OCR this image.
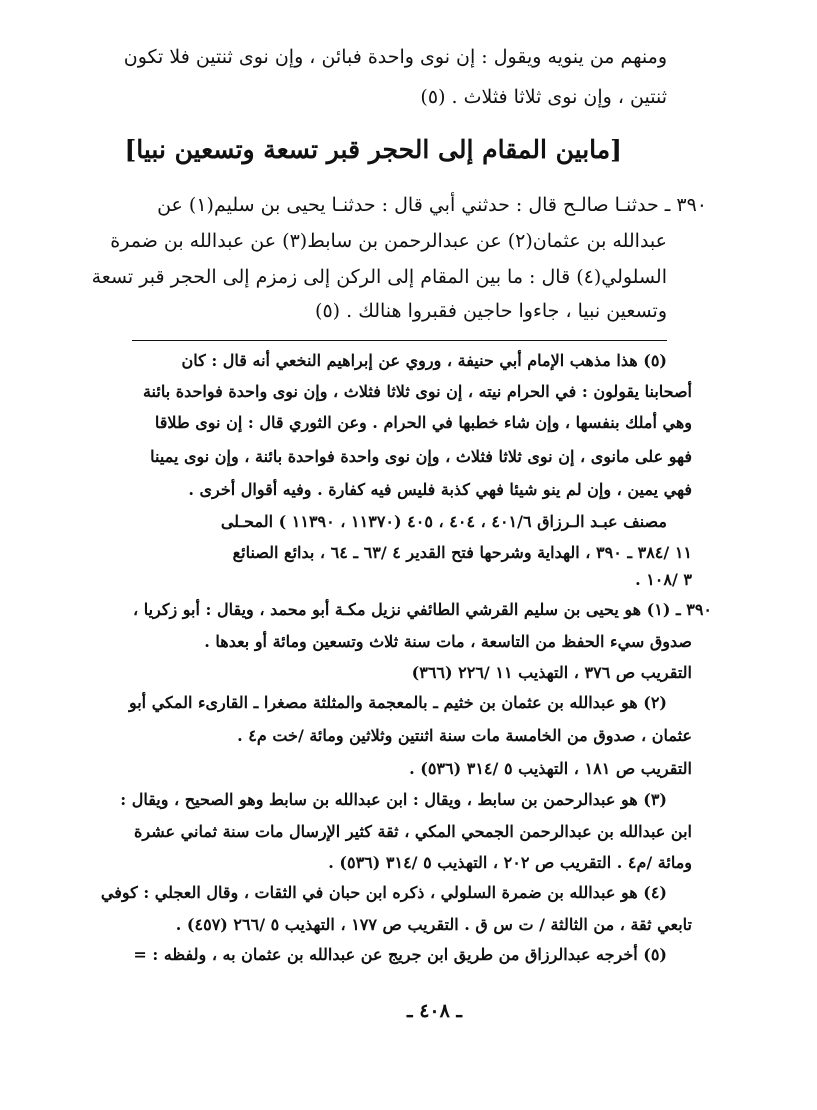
ومنهم من ينويه ويقول : إن نوى واحدة فبائن ، وإن نوى ثنتين فلا تكون
ثنتين ، وإن نوى ثلاثا فثلاث . (٥)
[مابين المقام إلى الحجر قبر تسعة وتسعين نبيا]
٣٩٠ ـ حدثنـا صالـح قال : حدثني أبي قال : حدثنـا يحيى بن سليم(١) عن
عبدالله بن عثمان(٢) عن عبدالرحمن بن سابط(٣) عن عبدالله بن ضمرة
السلولي(٤) قال : ما بين المقام إلى الركن إلى زمزم إلى الحجر قبر تسعة
وتسعين نبيا ، جاءوا حاجين فقبروا هنالك . (٥)
(٥) هذا مذهب الإمام أبي حنيفة ، وروي عن إبراهيم النخعي أنه قال : كان
أصحابنا يقولون : في الحرام نيته ، إن نوى ثلاثا فثلاث ، وإن نوى واحدة فواحدة بائنة
وهي أملك بنفسها ، وإن شاء خطبها في الحرام . وعن الثوري قال : إن نوى طلاقا
فهو على مانوى ، إن نوى ثلاثا فثلاث ، وإن نوى واحدة فواحدة بائنة ، وإن نوى يمينا
فهي يمين ، وإن لم ينو شيئا فهي كذبة فليس فيه كفارة . وفيه أقوال أخرى .
مصنف عبـد الـرزاق ٤٠١/٦ ، ٤٠٤ ، ٤٠٥ (١١٣٧٠ ، ١١٣٩٠ ) المحـلى
١١ /٣٨٤ ـ ٣٩٠ ، الهداية وشرحها فتح القدير ٤ /٦٣ ـ ٦٤ ، بدائع الصنائع
٣ /١٠٨ .
٣٩٠ ـ (١) هو يحيى بن سليم القرشي الطائفي نزيل مكـة أبو محمد ، ويقال : أبو زكريا ،
صدوق سيء الحفظ من التاسعة ، مات سنة ثلاث وتسعين ومائة أو بعدها .
التقريب ص ٣٧٦ ، التهذيب ١١ /٢٢٦ (٣٦٦)
(٢) هو عبدالله بن عثمان بن خثيم ـ بالمعجمة والمثلثة مصغرا ـ القارىء المكي أبو
عثمان ، صدوق من الخامسة مات سنة اثنتين وثلاثين ومائة /خت م٤ .
التقريب ص ١٨١ ، التهذيب ٥ /٣١٤ (٥٣٦) .
(٣) هو عبدالرحمن بن سابط ، ويقال : ابن عبدالله بن سابط وهو الصحيح ، ويقال :
ابن عبدالله بن عبدالرحمن الجمحي المكي ، ثقة كثير الإرسال مات سنة ثماني عشرة
ومائة /م٤ . التقريب ص ٢٠٢ ، التهذيب ٥ /٣١٤ (٥٣٦) .
(٤) هو عبدالله بن ضمرة السلولي ، ذكره ابن حبان في الثقات ، وقال العجلي : كوفي
تابعي ثقة ، من الثالثة / ت س ق . التقريب ص ١٧٧ ، التهذيب ٥ /٢٦٦ (٤٥٧) .
(٥) أخرجه عبدالرزاق من طريق ابن جريج عن عبدالله بن عثمان به ، ولفظه : =
ـ ٤٠٨ ـ
